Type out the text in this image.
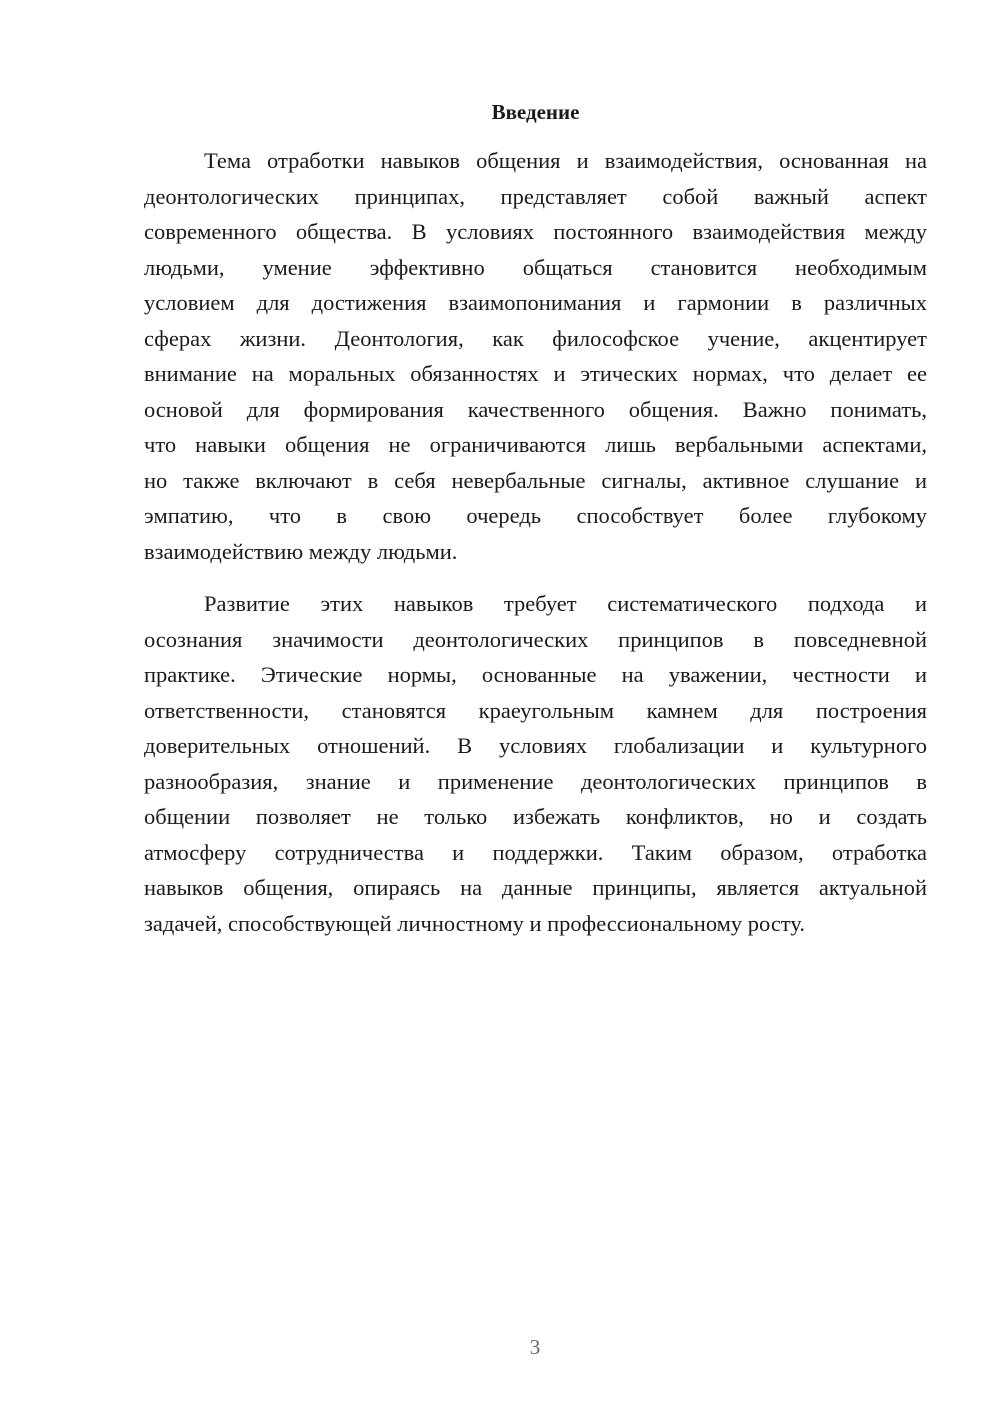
Введение

Тема отработки навыков общения и взаимодействия, основанная на
деонтологических принципах, представляет собой важный аспект
современного общества. В условиях постоянного взаимодействия между
людьми, умение эффективно общаться становится необходимым
условием для достижения взаимопонимания и гармонии в различных
сферах жизни. Деонтология, как философское учение, акцентирует
внимание на моральных обязанностях и этических нормах, что делает ее
основой для формирования качественного общения. Важно понимать,
что навыки общения не ограничиваются лишь вербальными аспектами,
но также включают в себя невербальные сигналы, активное слушание и
эмпатию, что в свою очередь способствует более глубокому
взаимодействию между людьми.

Развитие этих навыков требует систематического подхода и
осознания значимости деонтологических принципов в повседневной
практике. Этические нормы, основанные на уважении, честности и
ответственности, становятся краеугольным камнем для построения
доверительных отношений. В условиях глобализации и культурного
разнообразия, знание и применение деонтологических принципов в
общении позволяет не только избежать конфликтов, но и создать
атмосферу сотрудничества и поддержки. Таким образом, отработка
навыков общения, опираясь на данные принципы, является актуальной
задачей, способствующей личностному и профессиональному росту.

3
